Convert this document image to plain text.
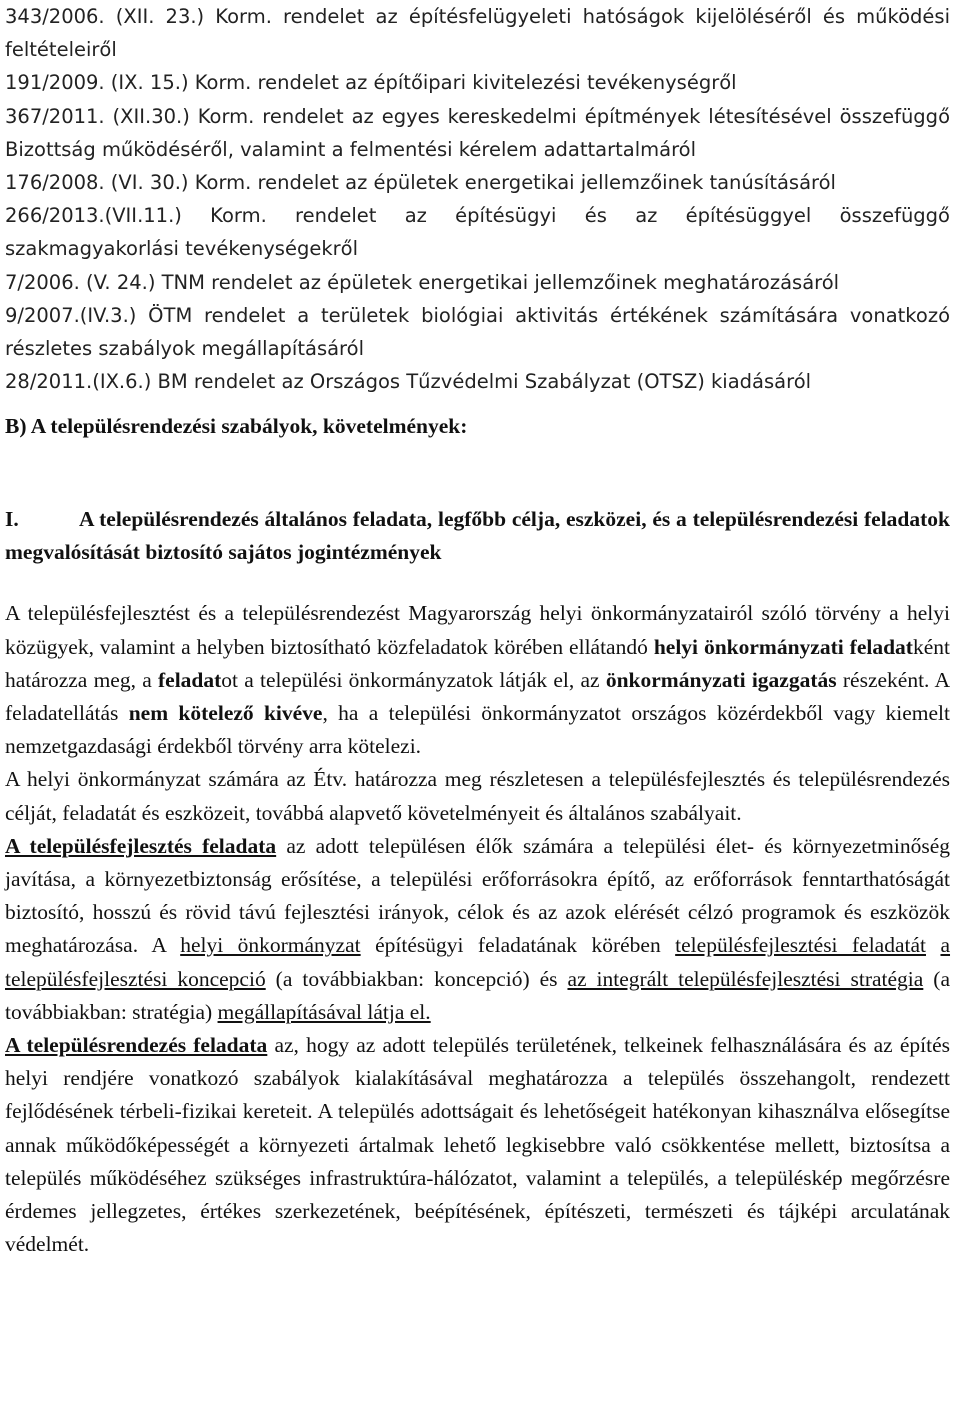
343/2006. (XII. 23.) Korm. rendelet az építésfelügyeleti hatóságok kijelöléséről és működési feltételeiről
191/2009. (IX. 15.) Korm. rendelet az építőipari kivitelezési tevékenységről
367/2011. (XII.30.) Korm. rendelet az egyes kereskedelmi építmények létesítésével összefüggő Bizottság működéséről, valamint a felmentési kérelem adattartalmáról
176/2008. (VI. 30.) Korm. rendelet az épületek energetikai jellemzőinek tanúsításáról
266/2013.(VII.11.) Korm. rendelet az építésügyi és az építésüggyel összefüggő szakmagyakorlási tevékenységekről
7/2006. (V. 24.) TNM rendelet az épületek energetikai jellemzőinek meghatározásáról
9/2007.(IV.3.) ÖTM rendelet a területek biológiai aktivitás értékének számítására vonatkozó részletes szabályok megállapításáról
28/2011.(IX.6.) BM rendelet az Országos Tűzvédelmi Szabályzat (OTSZ) kiadásáról
B) A településrendezési szabályok, követelmények:
I.	A településrendezés általános feladata, legfőbb célja, eszközei, és a településrendezési feladatok megvalósítását biztosító sajátos jogintézmények

A településfejlesztést és a településrendezést Magyarország helyi önkormányzatairól szóló törvény a helyi közügyek, valamint a helyben biztosítható közfeladatok körében ellátandó helyi önkormányzati feladatként határozza meg, a feladatot a települési önkormányzatok látják el, az önkormányzati igazgatás részeként. A feladatellátás nem kötelező kivéve, ha a települési önkormányzatot országos közérdekből vagy kiemelt nemzetgazdasági érdekből törvény arra kötelezi.

A helyi önkormányzat számára az Étv. határozza meg részletesen a településfejlesztés és településrendezés célját, feladatát és eszközeit, továbbá alapvető követelményeit és általános szabályait.

A településfejlesztés feladata az adott településen élők számára a települési élet- és környezetminőség javítása, a környezetbiztonság erősítése, a települési erőforrásokra építő, az erőforrások fenntarthatóságát biztosító, hosszú és rövid távú fejlesztési irányok, célok és az azok elérését célzó programok és eszközök meghatározása. A helyi önkormányzat építésügyi feladatának körében településfejlesztési feladatát a településfejlesztési koncepció (a továbbiakban: koncepció) és az integrált településfejlesztési stratégia (a továbbiakban: stratégia) megállapításával látja el.

A településrendezés feladata az, hogy az adott település területének, telkeinek felhasználására és az építés helyi rendjére vonatkozó szabályok kialakításával meghatározza a település összehangolt, rendezett fejlődésének térbeli-fizikai kereteit. A település adottságait és lehetőségeit hatékonyan kihasználva elősegítse annak működőképességét a környezeti ártalmak lehető legkisebbre való csökkentése mellett, biztosítsa a település működéséhez szükséges infrastruktúra-hálózatot, valamint a település, a településkép megőrzésre érdemes jellegzetes, értékes szerkezetének, beépítésének, építészeti, természeti és tájképi arculatának védelmét.
